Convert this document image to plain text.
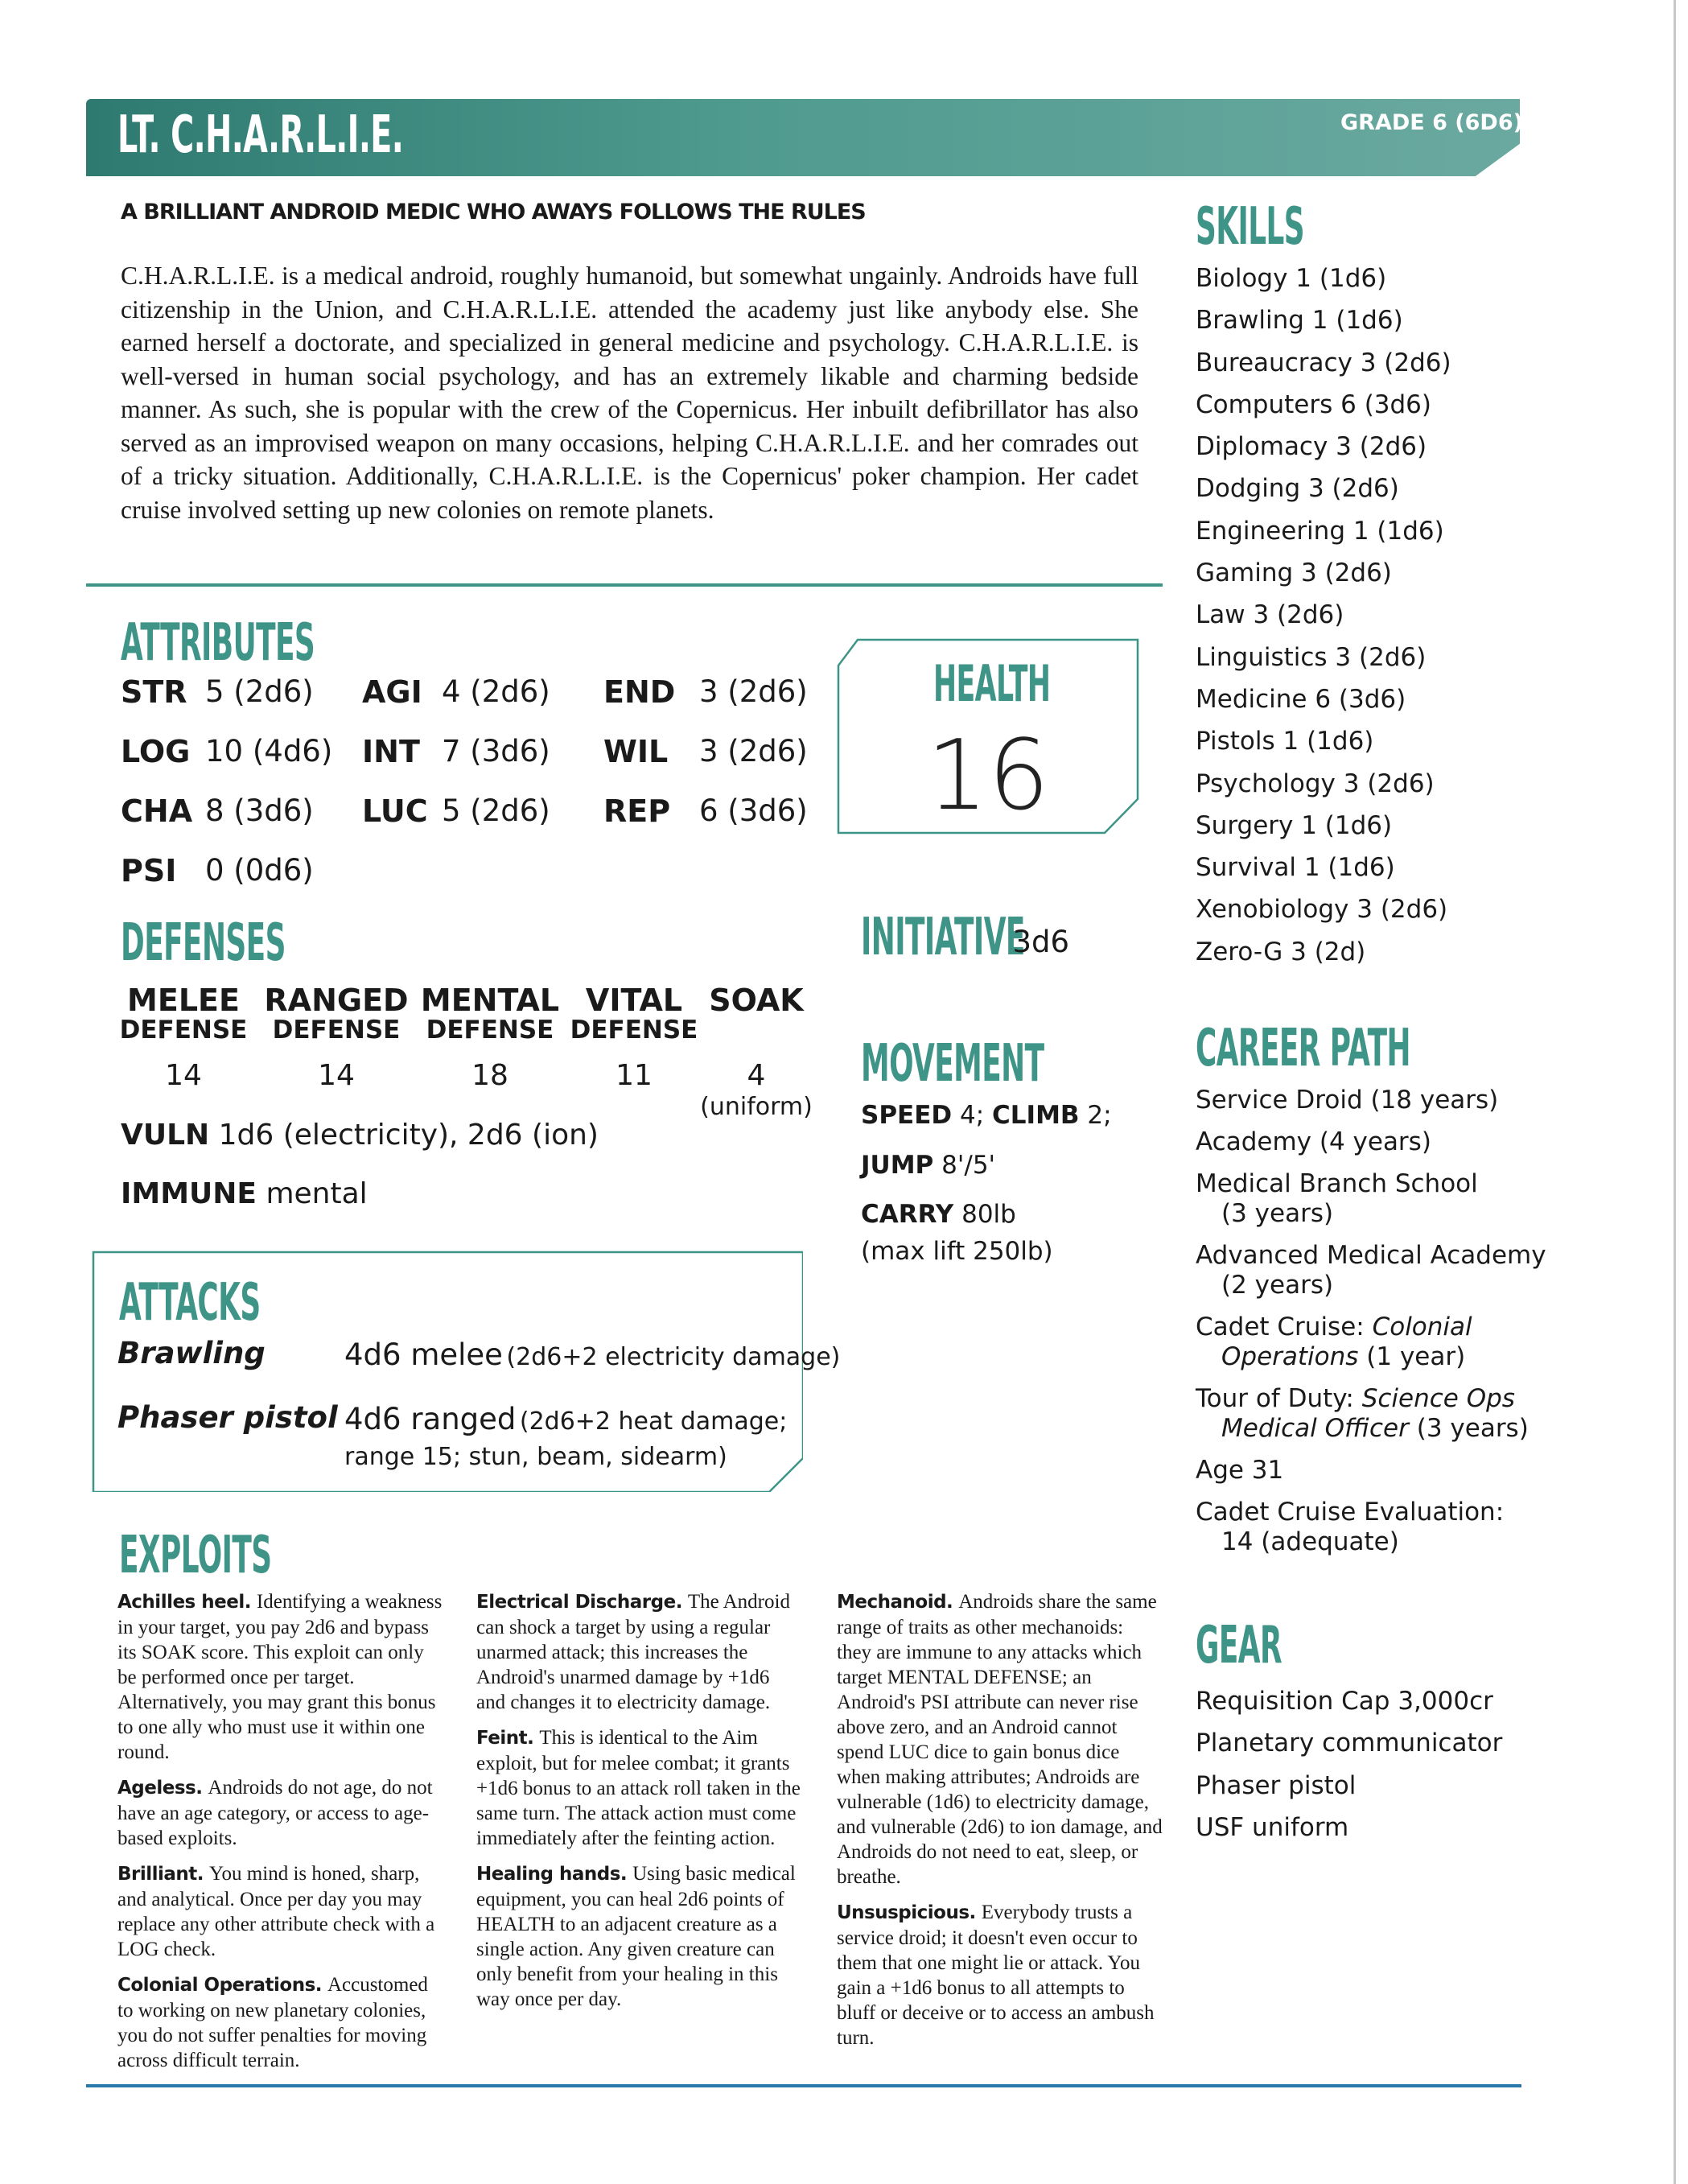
LT. C.H.A.R.L.I.E.	GRADE 6 (6D6)
A BRILLIANT ANDROID MEDIC WHO AWAYS FOLLOWS THE RULES
C.H.A.R.L.I.E. is a medical android, roughly humanoid, but somewhat ungainly. Androids have full citizenship in the Union, and C.H.A.R.L.I.E. attended the academy just like anybody else. She earned herself a doctorate, and specialized in general medicine and psychology. C.H.A.R.L.I.E. is well-versed in human social psychology, and has an extremely likable and charming bedside manner. As such, she is popular with the crew of the Copernicus. Her inbuilt defibrillator has also served as an improvised weapon on many occasions, helping C.H.A.R.L.I.E. and her comrades out of a tricky situation. Additionally, C.H.A.R.L.I.E. is the Copernicus' poker champion. Her cadet cruise involved setting up new colonies on remote planets.
ATTRIBUTES
STR 5 (2d6) AGI 4 (2d6) END 3 (2d6)
LOG 10 (4d6) INT 7 (3d6) WIL 3 (2d6)
CHA 8 (3d6) LUC 5 (2d6) REP 6 (3d6)
PSI 0 (0d6)
HEALTH
16
DEFENSES
MELEE
DEFENSE
14
RANGED
DEFENSE
14
MENTAL
DEFENSE
18
VITAL
DEFENSE
11
SOAK
4
(uniform)
VULN 1d6 (electricity), 2d6 (ion)
IMMUNE mental
INITIATIVE 3d6
MOVEMENT
SPEED 4; CLIMB 2;
JUMP 8'/5'
CARRY 80lb
(max lift 250lb)
ATTACKS
Brawling	4d6 melee (2d6+2 electricity damage)
Phaser pistol 4d6 ranged (2d6+2 heat damage;
range 15; stun, beam, sidearm)
EXPLOITS

Achilles heel. Identifying a weakness in your target, you pay 2d6 and bypass its SOAK score. This exploit can only be performed once per target. Alternatively, you may grant this bonus to one ally who must use it within one round.

Ageless. Androids do not age, do not have an age category, or access to age-based exploits.

Brilliant. You mind is honed, sharp, and analytical. Once per day you may replace any other attribute check with a LOG check.

Colonial Operations. Accustomed to working on new planetary colonies, you do not suffer penalties for moving across difficult terrain.

Electrical Discharge. The Android can shock a target by using a regular unarmed attack; this increases the Android's unarmed damage by +1d6 and changes it to electricity damage.

Feint. This is identical to the Aim exploit, but for melee combat; it grants +1d6 bonus to an attack roll taken in the same turn. The attack action must come immediately after the feinting action.

Healing hands. Using basic medical equipment, you can heal 2d6 points of HEALTH to an adjacent creature as a single action. Any given creature can only benefit from your healing in this way once per day.

Mechanoid. Androids share the same range of traits as other mechanoids: they are immune to any attacks which target MENTAL DEFENSE; an Android's PSI attribute can never rise above zero, and an Android cannot spend LUC dice to gain bonus dice when making attributes; Androids are vulnerable (1d6) to electricity damage, and vulnerable (2d6) to ion damage, and Androids do not need to eat, sleep, or breathe.

Unsuspicious. Everybody trusts a service droid; it doesn't even occur to them that one might lie or attack. You gain a +1d6 bonus to all attempts to bluff or deceive or to access an ambush turn.

SKILLS
Biology 1 (1d6)
Brawling 1 (1d6)
Bureaucracy 3 (2d6)
Computers 6 (3d6)
Diplomacy 3 (2d6)
Dodging 3 (2d6)
Engineering 1 (1d6)
Gaming 3 (2d6)
Law 3 (2d6)
Linguistics 3 (2d6)
Medicine 6 (3d6)
Pistols 1 (1d6)
Psychology 3 (2d6)
Surgery 1 (1d6)
Survival 1 (1d6)
Xenobiology 3 (2d6)
Zero-G 3 (2d)
CAREER PATH
Service Droid (18 years)
Academy (4 years)
Medical Branch School
(3 years)
Advanced Medical Academy
(2 years)
Cadet Cruise: Colonial
Operations (1 year)
Tour of Duty: Science Ops
Medical Officer (3 years)
Age 31
Cadet Cruise Evaluation:
14 (adequate)
GEAR
Requisition Cap 3,000cr
Planetary communicator
Phaser pistol
USF uniform
